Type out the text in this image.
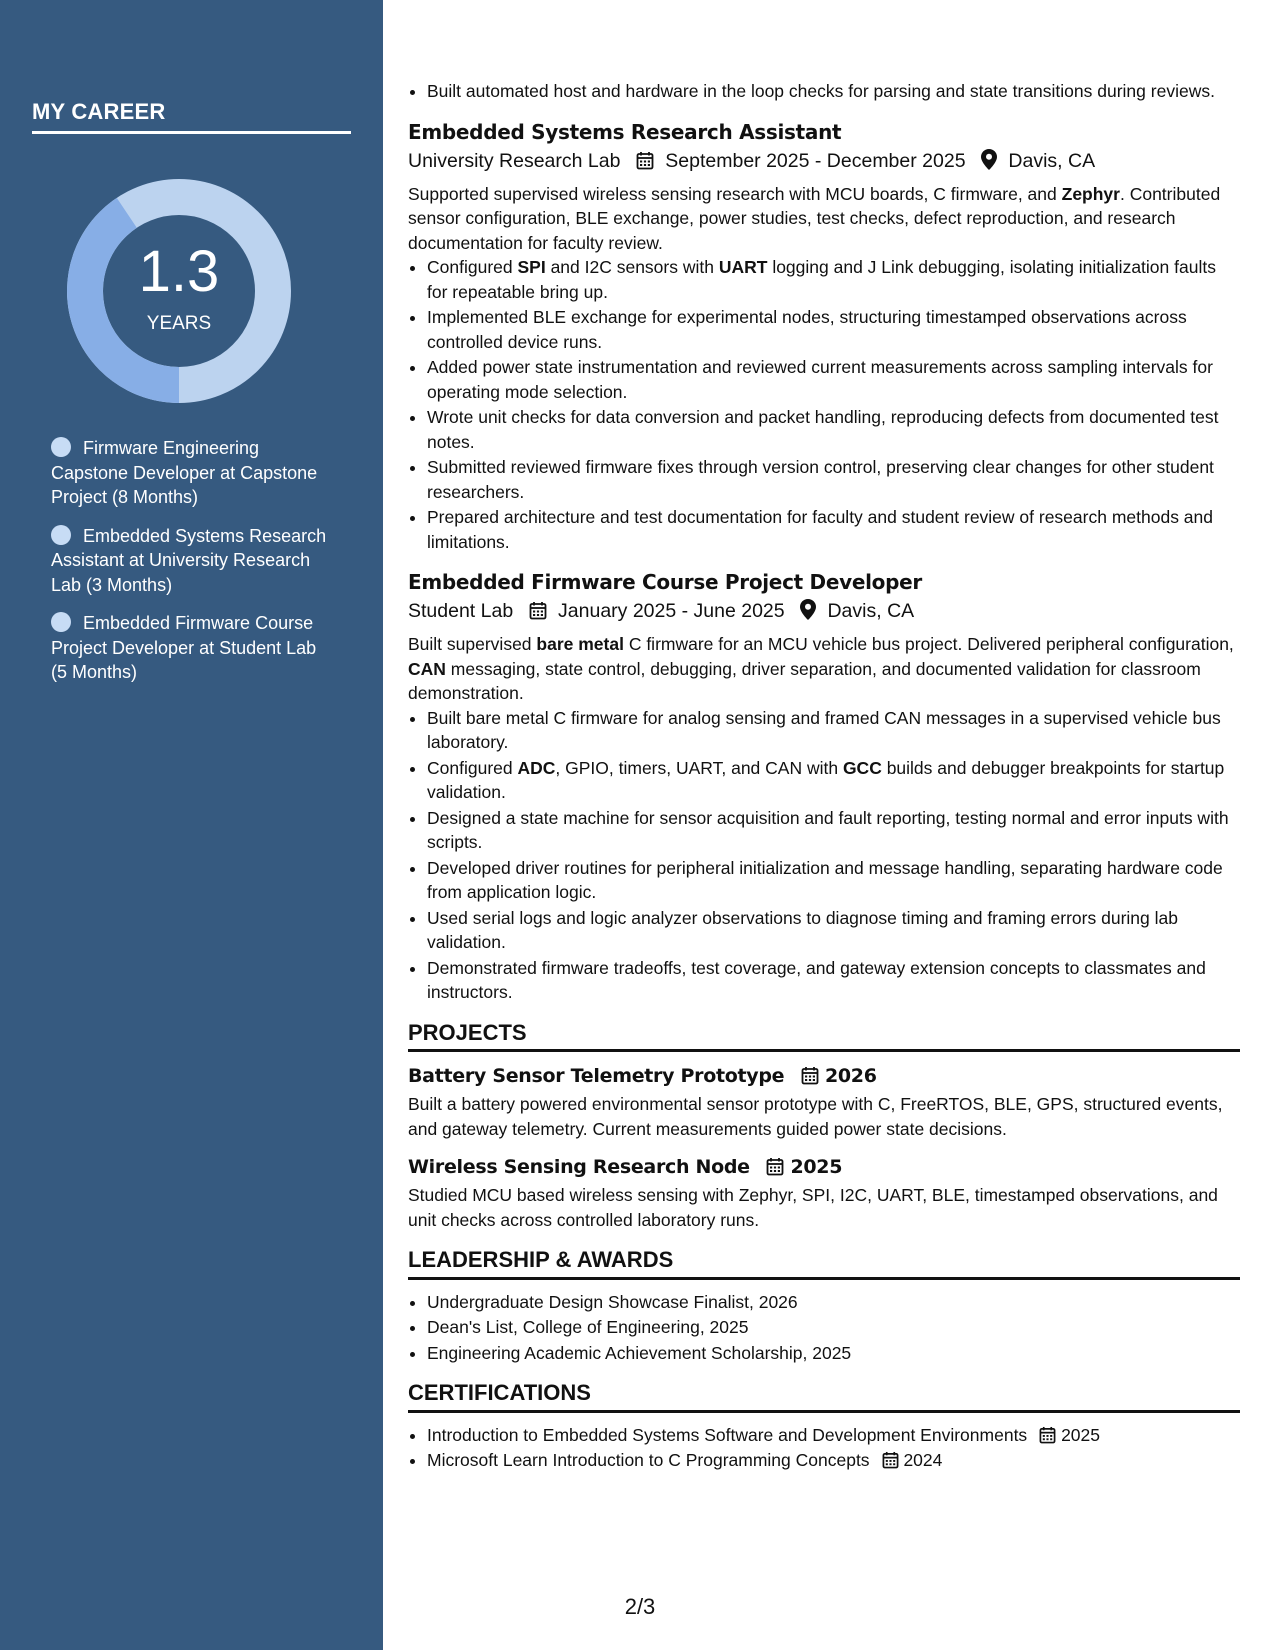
MY CAREER
1.3
YEARS
Firmware Engineering Capstone Developer at Capstone Project (8 Months)
Embedded Systems Research Assistant at University Research Lab (3 Months)
Embedded Firmware Course Project Developer at Student Lab (5 Months)
• Built automated host and hardware in the loop checks for parsing and state transitions during reviews.
Embedded Systems Research Assistant
University Research Lab September 2025 - December 2025 Davis, CA

Supported supervised wireless sensing research with MCU boards, C firmware, and Zephyr. Contributed sensor configuration, BLE exchange, power studies, test checks, defect reproduction, and research documentation for faculty review.

• Configured SPI and I2C sensors with UART logging and J Link debugging, isolating initialization faults for repeatable bring up.
• Implemented BLE exchange for experimental nodes, structuring timestamped observations across controlled device runs.
• Added power state instrumentation and reviewed current measurements across sampling intervals for operating mode selection.
• Wrote unit checks for data conversion and packet handling, reproducing defects from documented test notes.
• Submitted reviewed firmware fixes through version control, preserving clear changes for other student researchers.
• Prepared architecture and test documentation for faculty and student review of research methods and limitations.
Embedded Firmware Course Project Developer
Student Lab January 2025 - June 2025 Davis, CA

Built supervised bare metal C firmware for an MCU vehicle bus project. Delivered peripheral configuration, CAN messaging, state control, debugging, driver separation, and documented validation for classroom demonstration.

• Built bare metal C firmware for analog sensing and framed CAN messages in a supervised vehicle bus laboratory.
• Configured ADC, GPIO, timers, UART, and CAN with GCC builds and debugger breakpoints for startup validation.
• Designed a state machine for sensor acquisition and fault reporting, testing normal and error inputs with scripts.
• Developed driver routines for peripheral initialization and message handling, separating hardware code from application logic.
• Used serial logs and logic analyzer observations to diagnose timing and framing errors during lab validation.
• Demonstrated firmware tradeoffs, test coverage, and gateway extension concepts to classmates and instructors.
PROJECTS
Battery Sensor Telemetry Prototype 2026

Built a battery powered environmental sensor prototype with C, FreeRTOS, BLE, GPS, structured events, and gateway telemetry. Current measurements guided power state decisions.

Wireless Sensing Research Node 2025

Studied MCU based wireless sensing with Zephyr, SPI, I2C, UART, BLE, timestamped observations, and unit checks across controlled laboratory runs.

LEADERSHIP & AWARDS
• Undergraduate Design Showcase Finalist, 2026
• Dean's List, College of Engineering, 2025
• Engineering Academic Achievement Scholarship, 2025
CERTIFICATIONS
• Introduction to Embedded Systems Software and Development Environments 2025
• Microsoft Learn Introduction to C Programming Concepts 2024
2/3
